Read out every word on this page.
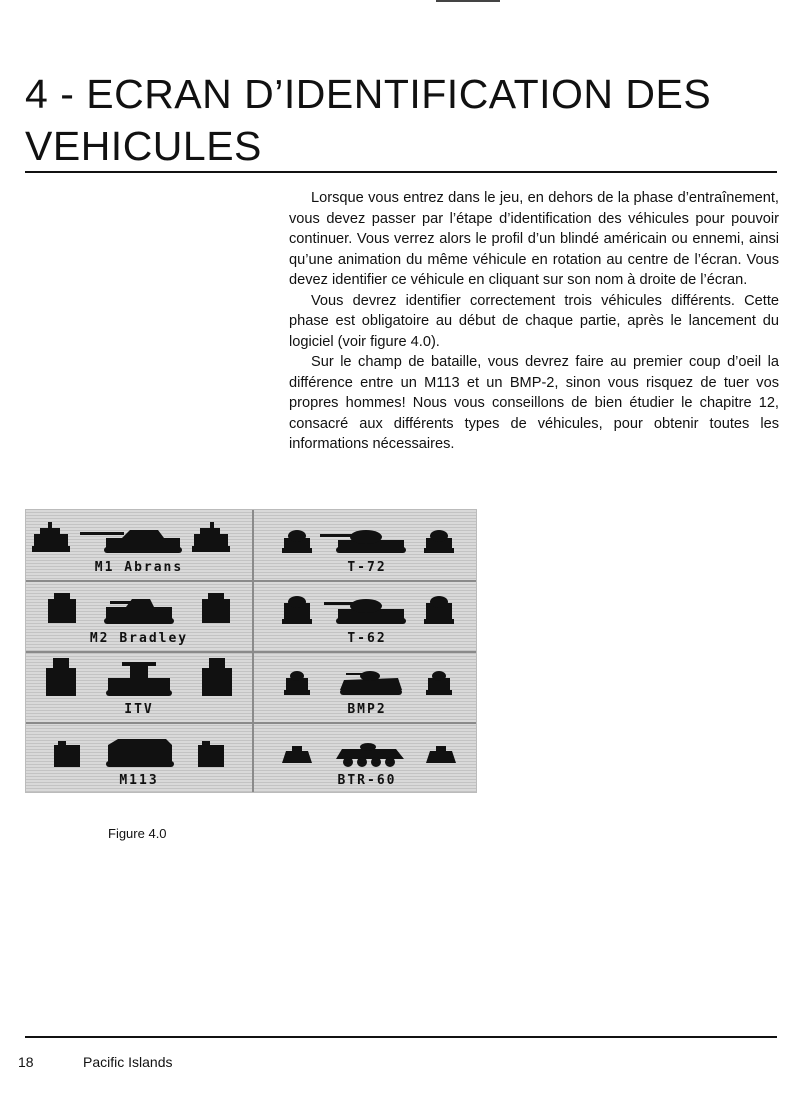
4 - ECRAN D’IDENTIFICATION DES
VEHICULES

Lorsque vous entrez dans le jeu, en dehors de la phase d’entraînement, vous devez passer par l’étape d’identification des véhicules pour pouvoir continuer. Vous verrez alors le profil d’un blindé américain ou ennemi, ainsi qu’une animation du même véhicule en rotation au centre de l’écran. Vous devez identifier ce véhicule en cliquant sur son nom à droite de l’écran.

Vous devrez identifier correctement trois véhicules différents. Cette phase est obligatoire au début de chaque partie, après le lancement du logiciel (voir figure 4.0).

Sur le champ de bataille, vous devrez faire au premier coup d’oeil la différence entre un M113 et un BMP-2, sinon vous risquez de tuer vos propres hommes! Nous vous conseillons de bien étudier le chapitre 12, consacré aux différents types de véhicules, pour obtenir toutes les informations nécessaires.

M1 Abrans	T-72
M2 Bradley	T-62
ITV	BMP2
M113	BTR-60
Figure 4.0
18	Pacific Islands
